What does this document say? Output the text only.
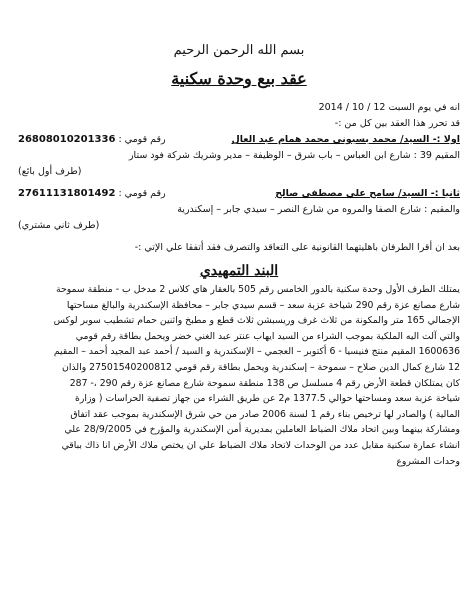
بسم الله الرحمن الرحيم
عقد بيع وحدة سكنية
انه في يوم السبت 12 / 10 / 2014
قد تحرر هذا العقد بين كل من :-
اولا :- السيد/ محمد بسيوني محمد همام عبد العال
رقم قومي : 26808010201336
المقيم 39 : شارع ابن العباس – باب شرق – الوظيفة – مدير وشريك شركة فود ستار
(طرف أول بائع)
ثانيا :- السيد/ سامح علي مصطفي صالح
رقم قومي : 27611131801492
والمقيم : شارع الصفا والمروه من شارع النصر – سيدي جابر – إسكندرية
(طرف ثاني مشتري)
بعد ان أقرا الطرفان باهليتهما القانونية على التعاقد والتصرف فقد أتفقا علي الإتي :-
البند التمهيدي
يمتلك الطرف الأول وحدة سكنية بالدور الخامس رقم 505 بالعقار هاي كلاس 2 مدخل ب - منطقة سموحة
شارع مصانع عزة رقم 290 شياخة عزبة سعد – قسم سيدي جابر – محافظة الإسكندرية والبالغ مساحتها
الإجمالي 165 متر والمكونة من ثلاث غرف وريسبشن ثلاث قطع و مطبخ واثنين حمام تشطيب سوبر لوكس
والتي آلت اليه الملكية بموجب الشراء من السيد ايهاب عنتر عبد الغني خضر ويحمل بطاقة رقم قومي
1600636 المقيم منتج فنيسيا - 6 أكتوبر – العجمي – الإسكندرية و السيد / أحمد عبد المجيد أحمد – المقيم
12 شارع كمال الدين صلاح – سموحة – إسكندرية ويحمل بطاقة رقم قومي 27501540200812 والذان
كان يمتلكان قطعة الأرض رقم 4 مسلسل ص 138 منطقة سموحة شارع مصانع عزة رقم 290 ،- 287
شياخة عزبة سعد ومساحتها حوالي 1377.5 م2 عن طريق الشراء من جهاز تصفية الحراسات ( وزارة
المالية ) والصادر لها ترخيص بناء رقم 1 لسنة 2006 صادر من حي شرق الإسكندرية بموجب عقد اتفاق
ومشاركة بينهما وبين اتحاد ملاك الضباط العاملين بمديرية أمن الإسكندرية والمؤرخ في 28/9/2005 علي
انشاء عمارة سكنية مقابل عدد من الوحدات لاتحاد ملاك الضباط علي ان يختص ملاك الأرض انا ذاك بباقي
وحدات المشروع
